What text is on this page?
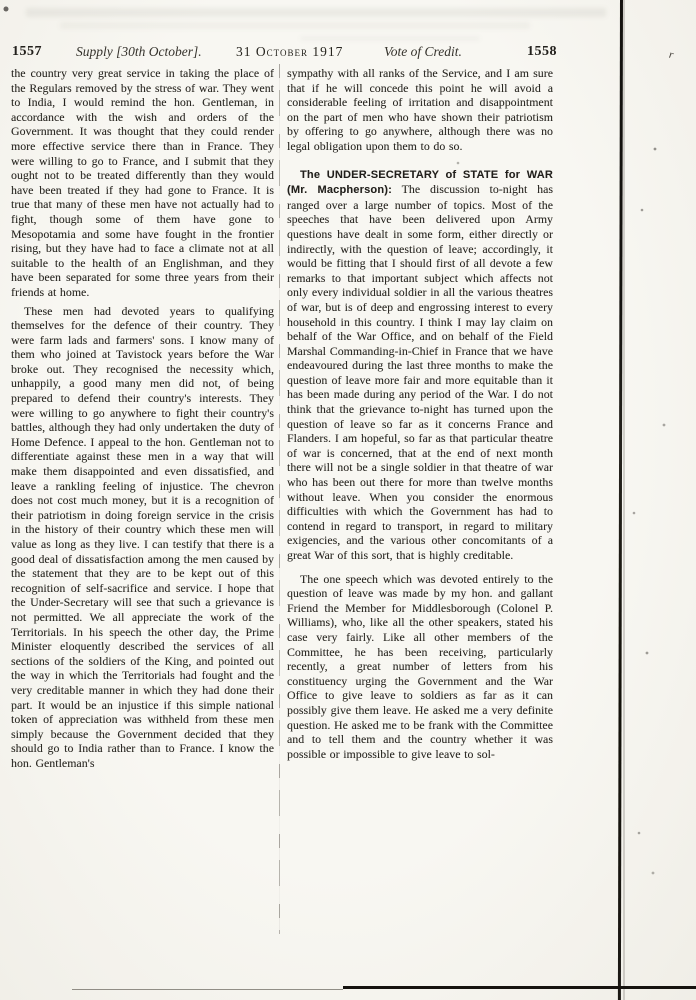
1557	Supply [30th October].	31 October 1917	Vote of Credit.	1558

the country very great service in taking the place of the Regulars removed by the stress of war. They went to India, I would remind the hon. Gentleman, in accordance with the wish and orders of the Government. It was thought that they could render more effective service there than in France. They were willing to go to France, and I submit that they ought not to be treated differently than they would have been treated if they had gone to France. It is true that many of these men have not actually had to fight, though some of them have gone to Mesopotamia and some have fought in the frontier rising, but they have had to face a climate not at all suitable to the health of an Englishman, and they have been separated for some three years from their friends at home.

These men had devoted years to qualifying themselves for the defence of their country. They were farm lads and farmers' sons. I know many of them who joined at Tavistock years before the War broke out. They recognised the necessity which, unhappily, a good many men did not, of being prepared to defend their country's interests. They were willing to go anywhere to fight their country's battles, although they had only undertaken the duty of Home Defence. I appeal to the hon. Gentleman not to differentiate against these men in a way that will make them disappointed and even dissatisfied, and leave a rankling feeling of injustice. The chevron does not cost much money, but it is a recognition of their patriotism in doing foreign service in the crisis in the history of their country which these men will value as long as they live. I can testify that there is a good deal of dissatisfaction among the men caused by the statement that they are to be kept out of this recognition of self-sacrifice and service. I hope that the Under-Secretary will see that such a grievance is not permitted. We all appreciate the work of the Territorials. In his speech the other day, the Prime Minister eloquently described the services of all sections of the soldiers of the King, and pointed out the way in which the Territorials had fought and the very creditable manner in which they had done their part. It would be an injustice if this simple national token of appreciation was withheld from these men simply because the Government decided that they should go to India rather than to France. I know the hon. Gentleman's

sympathy with all ranks of the Service, and I am sure that if he will concede this point he will avoid a considerable feeling of irritation and disappointment on the part of men who have shown their patriotism by offering to go anywhere, although there was no legal obligation upon them to do so.

The UNDER-SECRETARY of STATE for WAR (Mr. Macpherson): The discussion to-night has ranged over a large number of topics. Most of the speeches that have been delivered upon Army questions have dealt in some form, either directly or indirectly, with the question of leave; accordingly, it would be fitting that I should first of all devote a few remarks to that important subject which affects not only every individual soldier in all the various theatres of war, but is of deep and engrossing interest to every household in this country. I think I may lay claim on behalf of the War Office, and on behalf of the Field Marshal Commanding-in-Chief in France that we have endeavoured during the last three months to make the question of leave more fair and more equitable than it has been made during any period of the War. I do not think that the grievance to-night has turned upon the question of leave so far as it concerns France and Flanders. I am hopeful, so far as that particular theatre of war is concerned, that at the end of next month there will not be a single soldier in that theatre of war who has been out there for more than twelve months without leave. When you consider the enormous difficulties with which the Government has had to contend in regard to transport, in regard to military exigencies, and the various other concomitants of a great War of this sort, that is highly creditable.

The one speech which was devoted entirely to the question of leave was made by my hon. and gallant Friend the Member for Middlesborough (Colonel P. Williams), who, like all the other speakers, stated his case very fairly. Like all other members of the Committee, he has been receiving, particularly recently, a great number of letters from his constituency urging the Government and the War Office to give leave to soldiers as far as it can possibly give them leave. He asked me a very definite question. He asked me to be frank with the Committee and to tell them and the country whether it was possible or impossible to give leave to sol-

r
